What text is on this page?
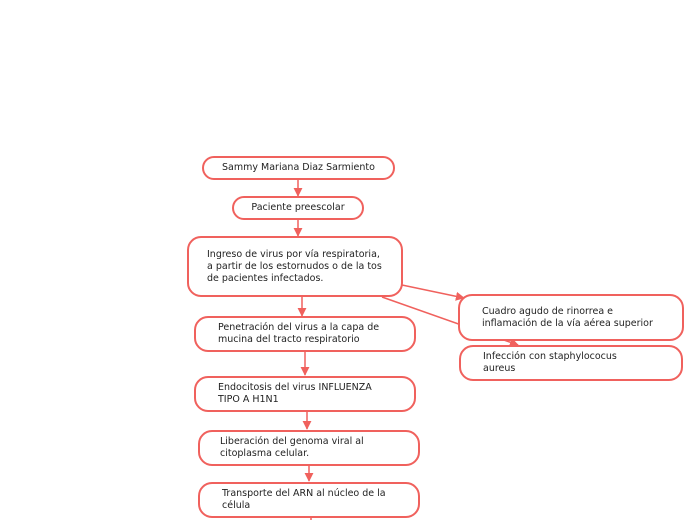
Sammy Mariana Diaz Sarmiento
Paciente preescolar
Ingreso de virus por vía respiratoria, a partir de los estornudos o de la tos de pacientes infectados.
Penetración del virus a la capa de mucina del tracto respiratorio
Endocitosis del virus INFLUENZA TIPO A H1N1
Liberación del genoma viral al citoplasma celular.
Transporte del ARN al núcleo de la célula
Cuadro agudo de rinorrea e inflamación de la vía aérea superior
Infección con staphylococus aureus
